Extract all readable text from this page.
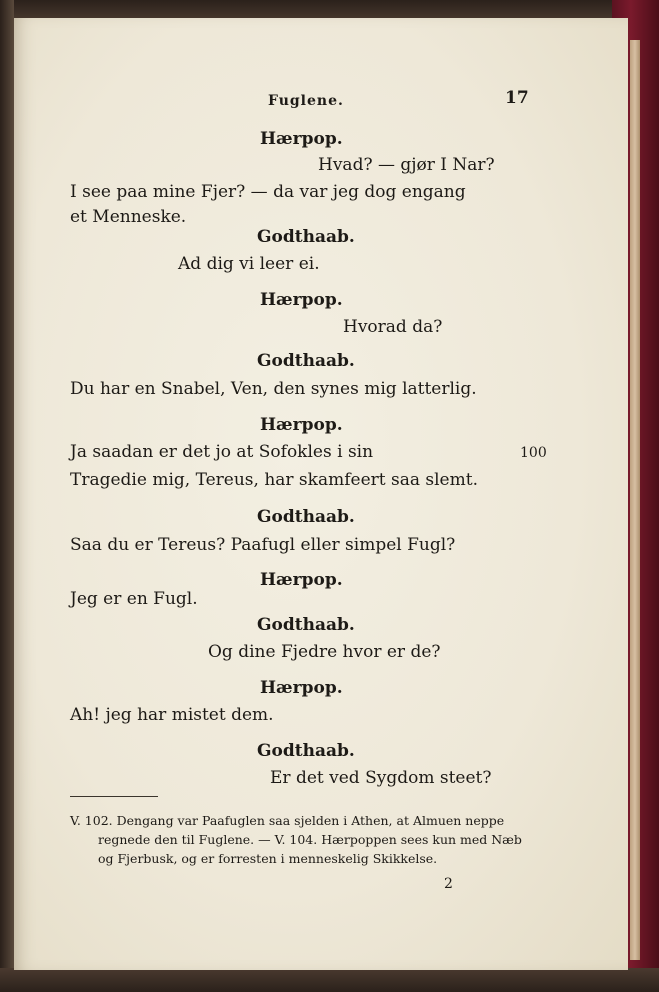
Fuglene.	17
Hærpop.
Hvad? — gjør I Nar?
I see paa mine Fjer? — da var jeg dog engang
et Menneske.
Godthaab.
Ad dig vi leer ei.
Hærpop.
Hvorad da?
Godthaab.
Du har en Snabel, Ven, den synes mig latterlig.
Hærpop.
Ja saadan er det jo at Sofokles i sin	100
Tragedie mig, Tereus, har skamfeert saa slemt.
Godthaab.
Saa du er Tereus? Paafugl eller simpel Fugl?
Hærpop.
Jeg er en Fugl.
Godthaab.
Og dine Fjedre hvor er de?
Hærpop.
Ah! jeg har mistet dem.
Godthaab.
Er det ved Sygdom steet?
V. 102. Dengang var Paafuglen saa sjelden i Athen, at Almuen neppe
regnede den til Fuglene. — V. 104. Hærpoppen sees kun med Næb
og Fjerbusk, og er forresten i menneskelig Skikkelse.
2
